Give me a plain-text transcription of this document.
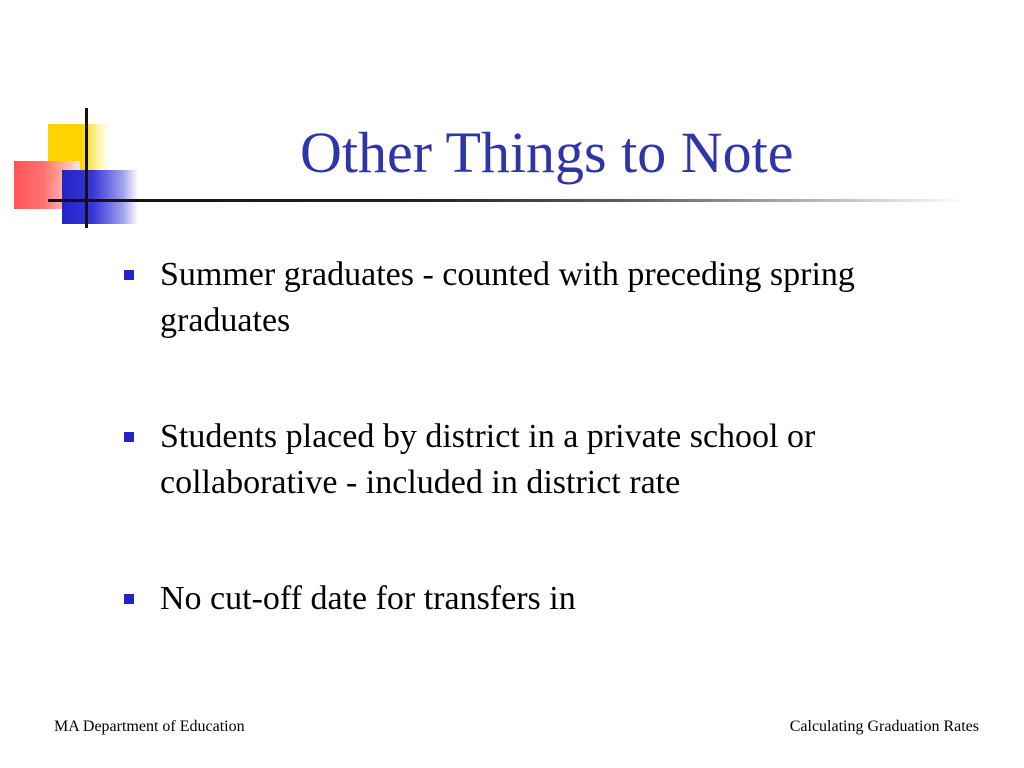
Other Things to Note
Summer graduates - counted with preceding spring graduates
Students placed by district in a private school or collaborative - included in district rate
No cut-off date for transfers in
MA Department of Education	Calculating Graduation Rates
